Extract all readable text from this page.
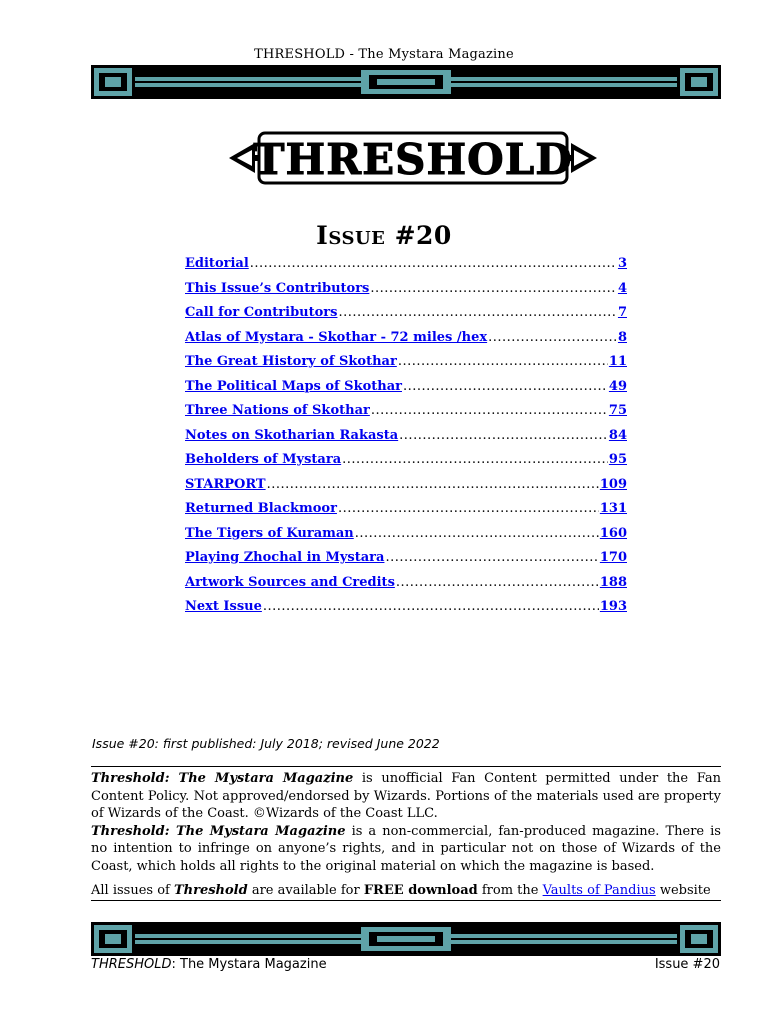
THRESHOLD - The Mystara Magazine
THRESHOLD
Issue #20
Editorial .....	3
This Issue’s Contributors .....	4
Call for Contributors .....	7
Atlas of Mystara - Skothar - 72 miles /hex .....	8
The Great History of Skothar .....	11
The Political Maps of Skothar .....	49
Three Nations of Skothar .....	75
Notes on Skotharian Rakasta .....	84
Beholders of Mystara .....	95
STARPORT .....	109
Returned Blackmoor .....	131
The Tigers of Kuraman .....	160
Playing Zhochal in Mystara .....	170
Artwork Sources and Credits .....	188
Next Issue .....	193
Issue #20: first published: July 2018; revised June 2022

Threshold: The Mystara Magazine is unofficial Fan Content permitted under the Fan Content Policy. Not approved/endorsed by Wizards. Portions of the materials used are property of Wizards of the Coast. ©Wizards of the Coast LLC.

Threshold: The Mystara Magazine is a non-commercial, fan-produced magazine. There is no intention to infringe on anyone’s rights, and in particular not on those of Wizards of the Coast, which holds all rights to the original material on which the magazine is based.

All issues of Threshold are available for FREE download from the Vaults of Pandius website
THRESHOLD: The Mystara Magazine	Issue #20
